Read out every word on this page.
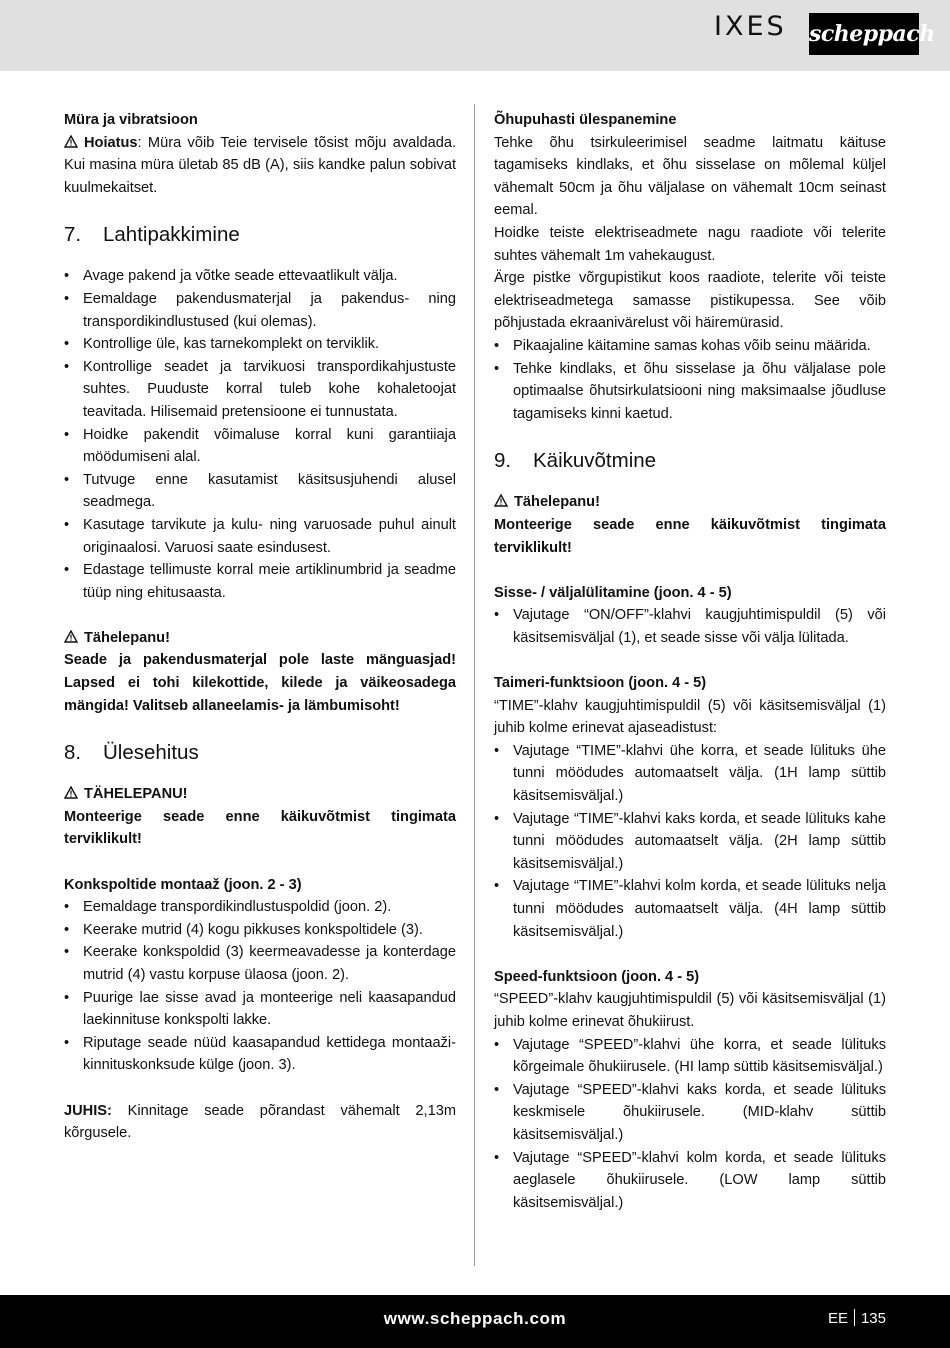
IXES scheppach

Müra ja vibratsioon

Hoiatus: Müra võib Teie tervisele tõsist mõju avaldada. Kui masina müra ületab 85 dB (A), siis kandke palun sobivat kuulmekaitset.

7.	Lahtipakkimine
• Avage pakend ja võtke seade ettevaatlikult välja.
• Eemaldage pakendusmaterjal ja pakendus- ning transpordikindlustused (kui olemas).
• Kontrollige üle, kas tarnekomplekt on terviklik.
• Kontrollige seadet ja tarvikuosi transpordikahjustuste suhtes. Puuduste korral tuleb kohe kohaletoojat teavitada. Hilisemaid pretensioone ei tunnustata.
• Hoidke pakendit võimaluse korral kuni garantiiaja möödumiseni alal.
• Tutvuge enne kasutamist käsitsusjuhendi alusel seadmega.
• Kasutage tarvikute ja kulu- ning varuosade puhul ainult originaalosi. Varuosi saate esindusest.
• Edastage tellimuste korral meie artiklinumbrid ja seadme tüüp ning ehitusaasta.

Tähelepanu!

Seade ja pakendusmaterjal pole laste mänguasjad! Lapsed ei tohi kilekottide, kilede ja väikeosadega mängida! Valitseb allaneelamis- ja lämbumisoht!

8.	Ülesehitus

TÄHELEPANU!

Monteerige seade enne käikuvõtmist tingimata terviklikult!

Konkspoltide montaaž (joon. 2 - 3)

• Eemaldage transpordikindlustuspoldid (joon. 2).
• Keerake mutrid (4) kogu pikkuses konkspoltidele (3).
• Keerake konkspoldid (3) keermeavadesse ja konterdage mutrid (4) vastu korpuse ülaosa (joon. 2).
• Puurige lae sisse avad ja monteerige neli kaasapandud laekinnituse konkspolti lakke.
• Riputage seade nüüd kaasapandud kettidega montaaži-kinnituskonksude külge (joon. 3).

JUHIS: Kinnitage seade põrandast vähemalt 2,13m kõrgusele.

Õhupuhasti ülespanemine

Tehke õhu tsirkuleerimisel seadme laitmatu käituse tagamiseks kindlaks, et õhu sisselase on mõlemal küljel vähemalt 50cm ja õhu väljalase on vähemalt 10cm seinast eemal.

Hoidke teiste elektriseadmete nagu raadiote või telerite suhtes vähemalt 1m vahekaugust.

Ärge pistke võrgupistikut koos raadiote, telerite või teiste elektriseadmetega samasse pistikupessa. See võib põhjustada ekraanivärelust või häiremürasid.

• Pikaajaline käitamine samas kohas võib seinu määrida.
• Tehke kindlaks, et õhu sisselase ja õhu väljalase pole optimaalse õhutsirkulatsiooni ning maksimaalse jõudluse tagamiseks kinni kaetud.
9.	Käikuvõtmine

Tähelepanu!

Monteerige seade enne käikuvõtmist tingimata terviklikult!

Sisse- / väljalülitamine (joon. 4 - 5)

• Vajutage “ON/OFF”-klahvi kaugjuhtimispuldil (5) või käsitsemisväljal (1), et seade sisse või välja lülitada.

Taimeri-funktsioon (joon. 4 - 5)

“TIME”-klahv kaugjuhtimispuldil (5) või käsitsemisväljal (1) juhib kolme erinevat ajaseadistust:

• Vajutage “TIME”-klahvi ühe korra, et seade lülituks ühe tunni möödudes automaatselt välja. (1H lamp süttib käsitsemisväljal.)
• Vajutage “TIME”-klahvi kaks korda, et seade lülituks kahe tunni möödudes automaatselt välja. (2H lamp süttib käsitsemisväljal.)
• Vajutage “TIME”-klahvi kolm korda, et seade lülituks nelja tunni möödudes automaatselt välja. (4H lamp süttib käsitsemisväljal.)

Speed-funktsioon (joon. 4 - 5)

“SPEED”-klahv kaugjuhtimispuldil (5) või käsitsemisväljal (1) juhib kolme erinevat õhukiirust.

• Vajutage “SPEED”-klahvi ühe korra, et seade lülituks kõrgeimale õhukiirusele. (HI lamp süttib käsitsemisväljal.)
• Vajutage “SPEED”-klahvi kaks korda, et seade lülituks keskmisele õhukiirusele. (MID-klahv süttib käsitsemisväljal.)
• Vajutage “SPEED”-klahvi kolm korda, et seade lülituks aeglasele õhukiirusele. (LOW lamp süttib käsitsemisväljal.)
www.scheppach.com	EE 135
